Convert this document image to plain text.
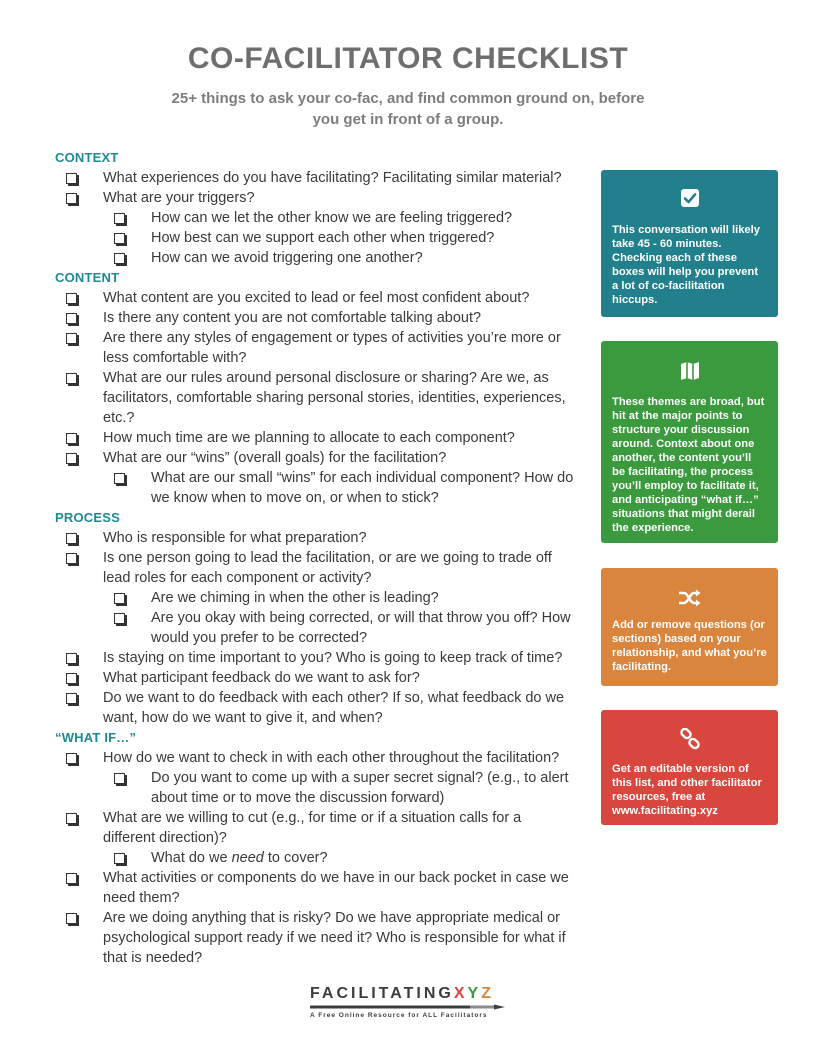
CO-FACILITATOR CHECKLIST
25+ things to ask your co-fac, and find common ground on, before you get in front of a group.
CONTEXT
What experiences do you have facilitating? Facilitating similar material?
What are your triggers?
How can we let the other know we are feeling triggered?
How best can we support each other when triggered?
How can we avoid triggering one another?
CONTENT
What content are you excited to lead or feel most confident about?
Is there any content you are not comfortable talking about?
Are there any styles of engagement or types of activities you’re more or less comfortable with?
What are our rules around personal disclosure or sharing? Are we, as facilitators, comfortable sharing personal stories, identities, experiences, etc.?
How much time are we planning to allocate to each component?
What are our “wins” (overall goals) for the facilitation?
What are our small “wins” for each individual component? How do we know when to move on, or when to stick?
PROCESS
Who is responsible for what preparation?
Is one person going to lead the facilitation, or are we going to trade off lead roles for each component or activity?
Are we chiming in when the other is leading?
Are you okay with being corrected, or will that throw you off? How would you prefer to be corrected?
Is staying on time important to you? Who is going to keep track of time?
What participant feedback do we want to ask for?
Do we want to do feedback with each other? If so, what feedback do we want, how do we want to give it, and when?
“WHAT IF…”
How do we want to check in with each other throughout the facilitation?
Do you want to come up with a super secret signal? (e.g., to alert about time or to move the discussion forward)
What are we willing to cut (e.g., for time or if a situation calls for a different direction)?
What do we need to cover?
What activities or components do we have in our back pocket in case we need them?
Are we doing anything that is risky? Do we have appropriate medical or psychological support ready if we need it? Who is responsible for what if that is needed?
This conversation will likely take 45 - 60 minutes. Checking each of these boxes will help you prevent a lot of co-facilitation hiccups.
These themes are broad, but hit at the major points to structure your discussion around. Context about one another, the content you’ll be facilitating, the process you’ll employ to facilitate it, and anticipating “what if…” situations that might derail the experience.
Add or remove questions (or sections) based on your relationship, and what you’re facilitating.
Get an editable version of this list, and other facilitator resources, free at www.facilitating.xyz
FACILITATINGXYZ
A Free Online Resource for ALL Facilitators
